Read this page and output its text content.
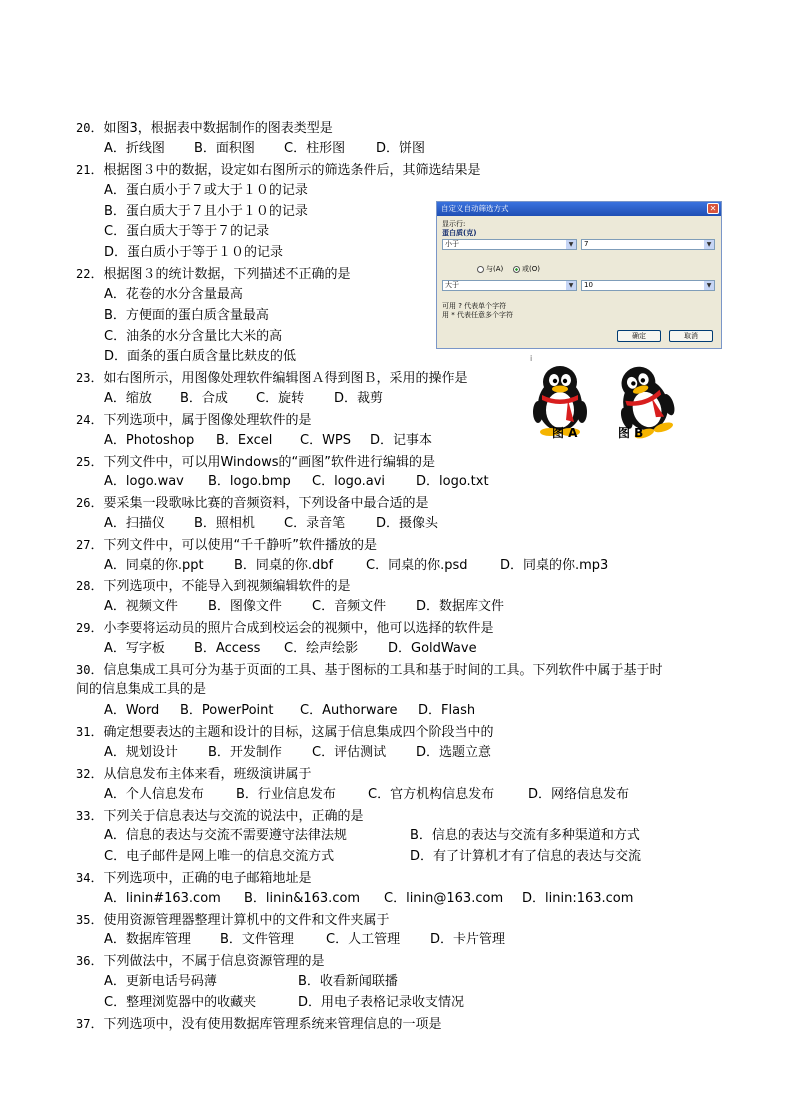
20．如图3，根据表中数据制作的图表类型是
A．折线图 B．面积图 C．柱形图 D．饼图
21．根据图３中的数据，设定如右图所示的筛选条件后，其筛选结果是
A．蛋白质小于７或大于１０的记录
B．蛋白质大于７且小于１０的记录
C．蛋白质大于等于７的记录
D．蛋白质小于等于１０的记录
22．根据图３的统计数据，下列描述不正确的是
A．花卷的水分含量最高
B．方便面的蛋白质含量最高
C．油条的水分含量比大米的高
D．面条的蛋白质含量比麸皮的低
23．如右图所示，用图像处理软件编辑图Ａ得到图Ｂ，采用的操作是
A．缩放 B．合成 C．旋转 D．裁剪
24．下列选项中，属于图像处理软件的是
A．Photoshop B．Excel C．WPS D．记事本
25．下列文件中，可以用Windows的“画图”软件进行编辑的是
A．logo.wav B．logo.bmp C．logo.avi D．logo.txt
26．要采集一段歌咏比赛的音频资料，下列设备中最合适的是
A．扫描仪 B．照相机 C．录音笔 D．摄像头
27．下列文件中，可以使用“千千静听”软件播放的是
A．同桌的你.ppt B．同桌的你.dbf	C．同桌的你.psd	D．同桌的你.mp3
28．下列选项中，不能导入到视频编辑软件的是
A．视频文件 B．图像文件 C．音频文件 D．数据库文件
29．小李要将运动员的照片合成到校运会的视频中，他可以选择的软件是
A．写字板 B．Access C．绘声绘影 D．GoldWave
30．信息集成工具可分为基于页面的工具、基于图标的工具和基于时间的工具。下列软件中属于基于时
间的信息集成工具的是
A．Word B．PowerPoint C．Authorware D．Flash
31．确定想要表达的主题和设计的目标，这属于信息集成四个阶段当中的
A．规划设计 B．开发制作 C．评估测试 D．选题立意
32．从信息发布主体来看，班级演讲属于
A．个人信息发布 B．行业信息发布 C．官方机构信息发布	D．网络信息发布
33．下列关于信息表达与交流的说法中，正确的是
A．信息的表达与交流不需要遵守法律法规	B．信息的表达与交流有多种渠道和方式
C．电子邮件是网上唯一的信息交流方式	D．有了计算机才有了信息的表达与交流
34．下列选项中，正确的电子邮箱地址是
A．linin#163.com B．linin&163.com C．linin@163.com D．linin:163.com
35．使用资源管理器整理计算机中的文件和文件夹属于
A．数据库管理 B．文件管理 C．人工管理 D．卡片管理
36．下列做法中，不属于信息资源管理的是
A．更新电话号码薄	B．收看新闻联播
C．整理浏览器中的收藏夹	D．用电子表格记录收支情况
37．下列选项中，没有使用数据库管理系统来管理信息的一项是
自定义自动筛选方式	✕
显示行:
蛋白质(克)
小于	▼	7	▼
与(A)	或(O)
大于	▼	10	▼
可用 ? 代表单个字符
用 * 代表任意多个字符
确定	取消
ⅰ
图 A	图 B
